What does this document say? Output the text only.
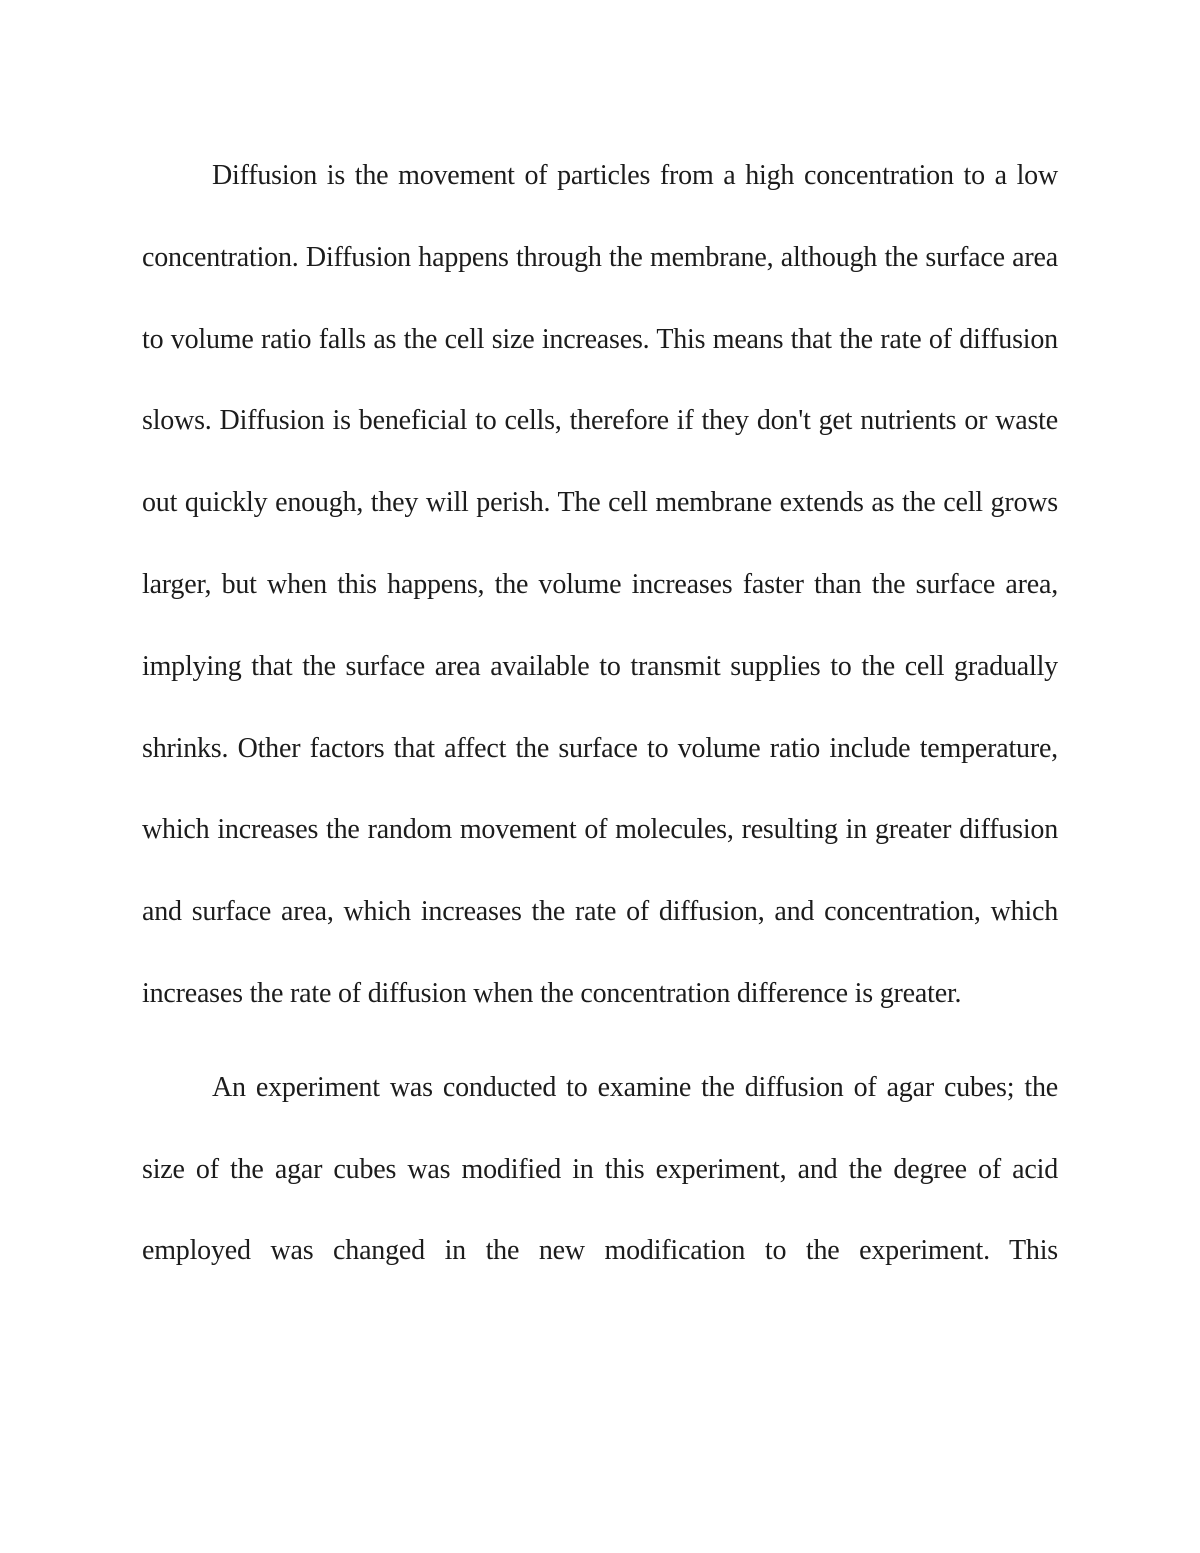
Diffusion is the movement of particles from a high concentration to a low concentration. Diffusion happens through the membrane, although the surface area to volume ratio falls as the cell size increases. This means that the rate of diffusion slows. Diffusion is beneficial to cells, therefore if they don't get nutrients or waste out quickly enough, they will perish. The cell membrane extends as the cell grows larger, but when this happens, the volume increases faster than the surface area, implying that the surface area available to transmit supplies to the cell gradually shrinks. Other factors that affect the surface to volume ratio include temperature, which increases the random movement of molecules, resulting in greater diffusion and surface area, which increases the rate of diffusion, and concentration, which increases the rate of diffusion when the concentration difference is greater.

An experiment was conducted to examine the diffusion of agar cubes; the size of the agar cubes was modified in this experiment, and the degree of acid employed was changed in the new modification to the experiment. This
